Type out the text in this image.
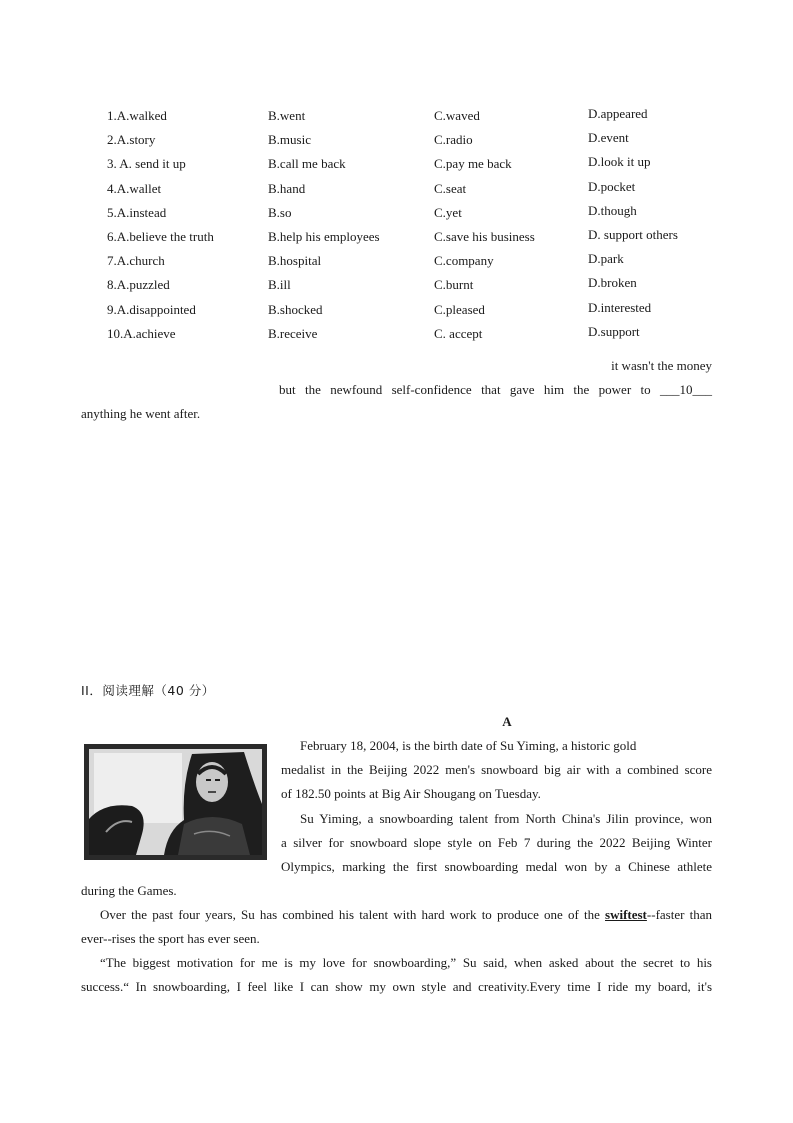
1.A.walked	B.went	C.waved	D.appeared
2.A.story	B.music	C.radio	D.event
3. A. send it up	B.call me back	C.pay me back	D.look it up
4.A.wallet	B.hand	C.seat	D.pocket
5.A.instead	B.so	C.yet	D.though
6.A.believe the truth	B.help his employees	C.save his business	D. support others
7.A.church	B.hospital	C.company	D.park
8.A.puzzled	B.ill	C.burnt	D.broken
9.A.disappointed	B.shocked	C.pleased	D.interested
10.A.achieve	B.receive	C. accept	D.support
it wasn't the money
but the newfound self-confidence that gave him the power to ___10___
anything he went after.
II．阅读理解（40 分）
A
February 18, 2004, is the birth date of Su Yiming, a historic gold
medalist in the Beijing 2022 men's snowboard big air with a combined score
of 182.50 points at Big Air Shougang on Tuesday.
Su Yiming, a snowboarding talent from North China's Jilin province, won
a silver for snowboard slope style on Feb 7 during the 2022 Beijing Winter
Olympics, marking the first snowboarding medal won by a Chinese athlete
during the Games.
Over the past four years, Su has combined his talent with hard work to produce one of the swiftest--faster than
ever--rises the sport has ever seen.
“The biggest motivation for me is my love for snowboarding,” Su said, when asked about the secret to his
success.“ In snowboarding, I feel like I can show my own style and creativity.Every time I ride my board, it's
